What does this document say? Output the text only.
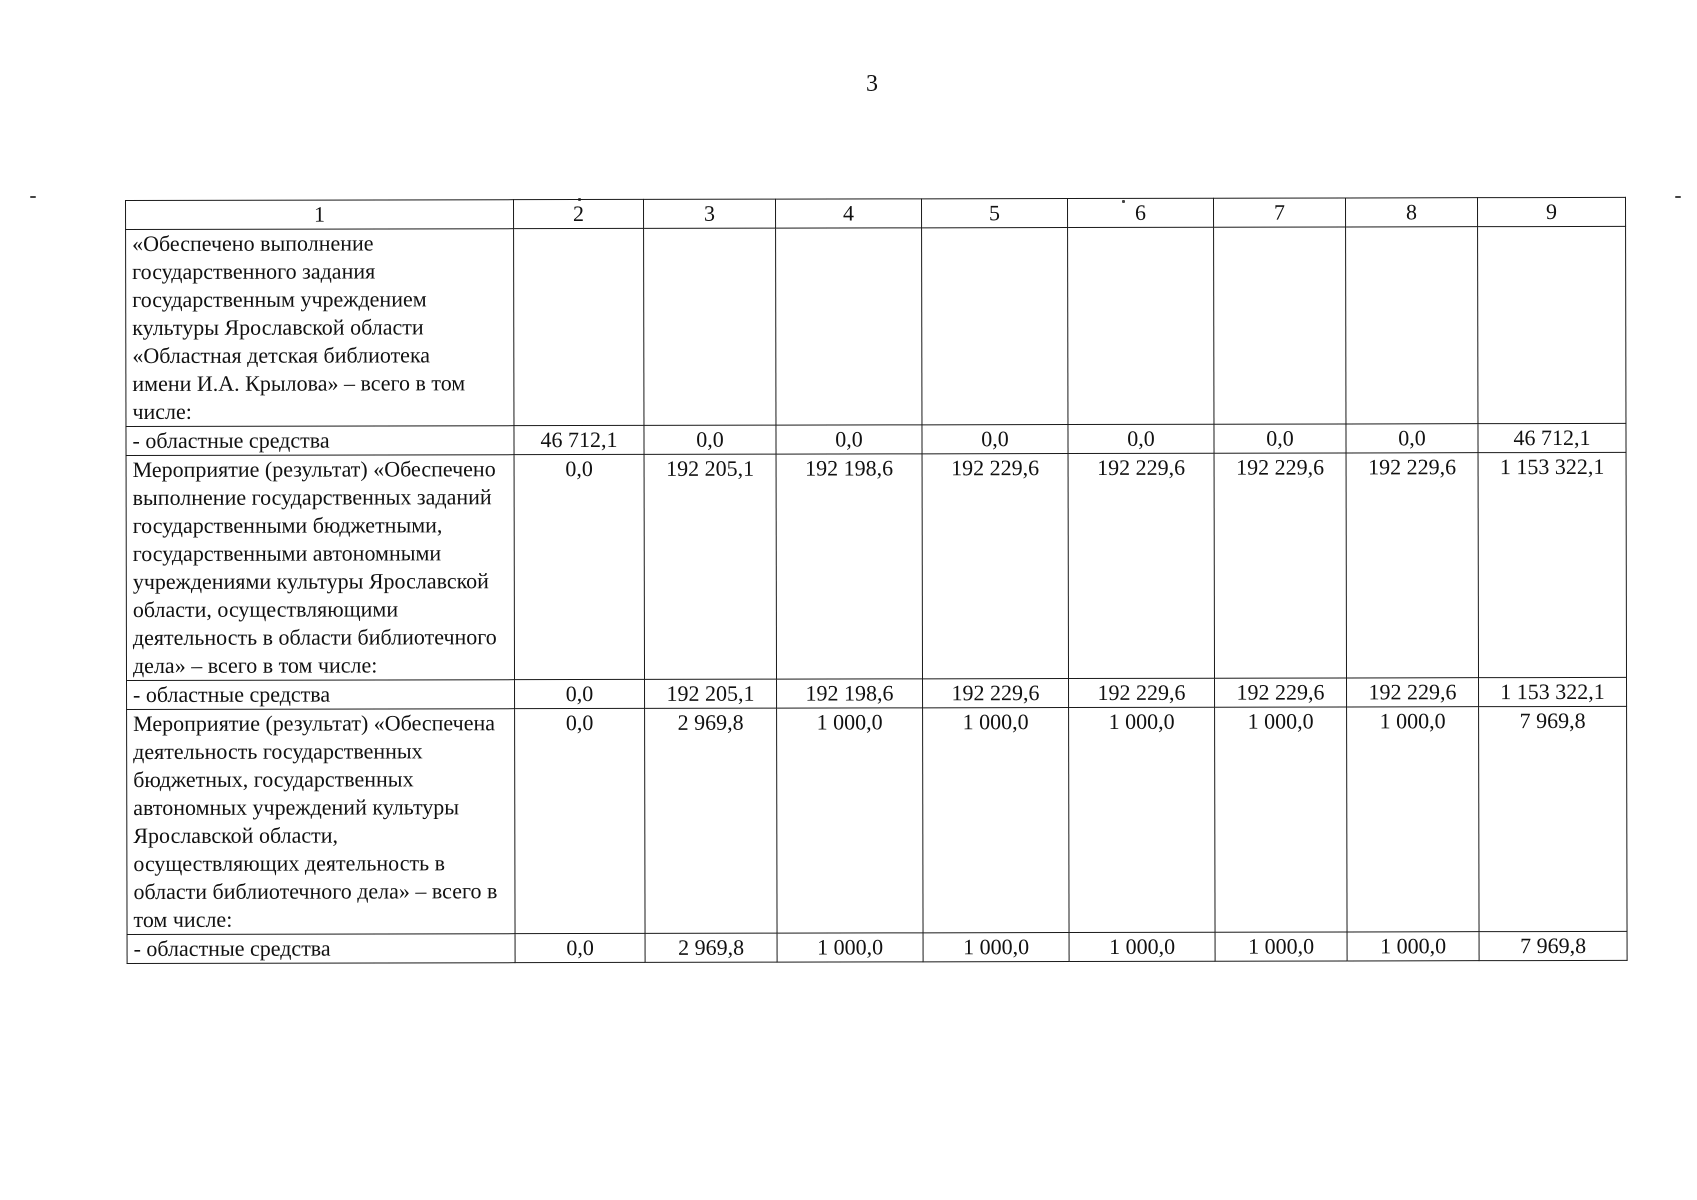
3
1	2	3	4	5	6	7	8	9
«Обеспечено выполнение государственного задания государственным учреждением культуры Ярославской области «Областная детская библиотека имени И.А. Крылова» – всего в том числе:								
- областные средства	46 712,1	0,0	0,0	0,0	0,0	0,0	0,0	46 712,1
Мероприятие (результат) «Обеспечено выполнение государственных заданий государственными бюджетными, государственными автономными учреждениями культуры Ярославской области, осуществляющими деятельность в области библиотечного дела» – всего в том числе:	0,0	192 205,1	192 198,6	192 229,6	192 229,6	192 229,6	192 229,6	1 153 322,1
- областные средства	0,0	192 205,1	192 198,6	192 229,6	192 229,6	192 229,6	192 229,6	1 153 322,1
Мероприятие (результат) «Обеспечена деятельность государственных бюджетных, государственных автономных учреждений культуры Ярославской области, осуществляющих деятельность в области библиотечного дела» – всего в том числе:	0,0	2 969,8	1 000,0	1 000,0	1 000,0	1 000,0	1 000,0	7 969,8
- областные средства	0,0	2 969,8	1 000,0	1 000,0	1 000,0	1 000,0	1 000,0	7 969,8
